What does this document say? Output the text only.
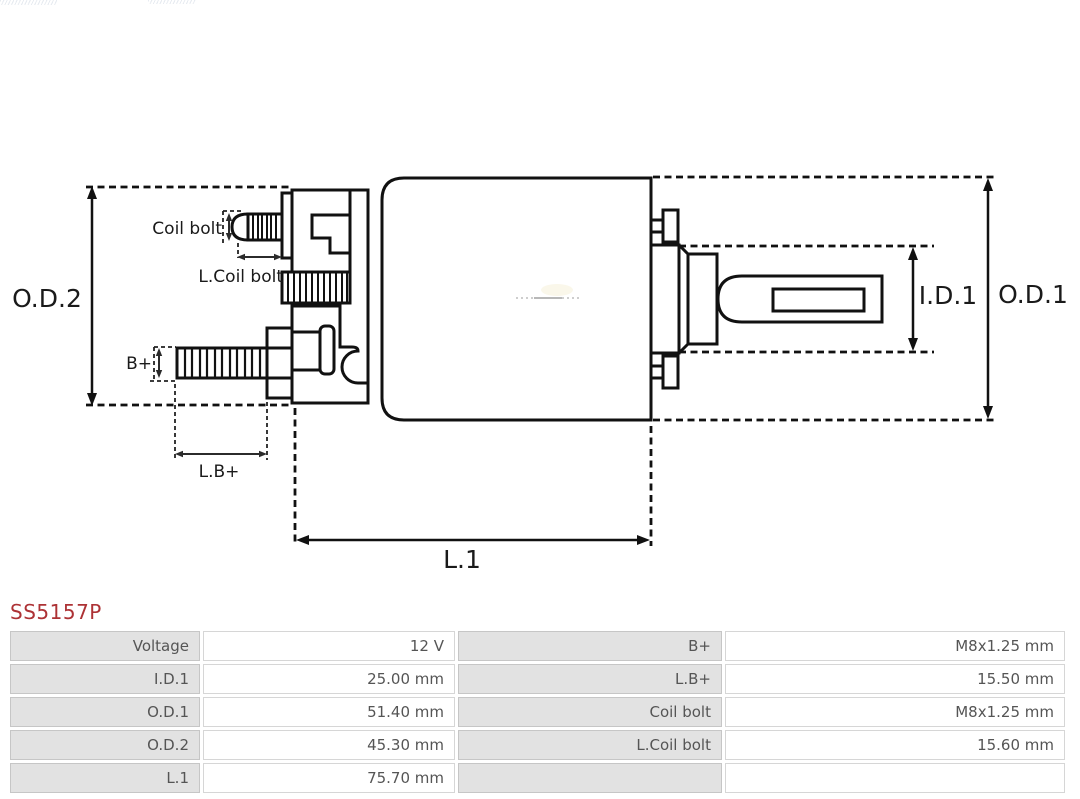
O.D.2	O.D.1
I.D.1
L.1
Coil bolt
L.Coil bolt
B+
L.B+
SS5157P
Voltage	12 V	B+	M8x1.25 mm
I.D.1	25.00 mm	L.B+	15.50 mm
O.D.1	51.40 mm	Coil bolt	M8x1.25 mm
O.D.2	45.30 mm	L.Coil bolt	15.60 mm
L.1	75.70 mm
